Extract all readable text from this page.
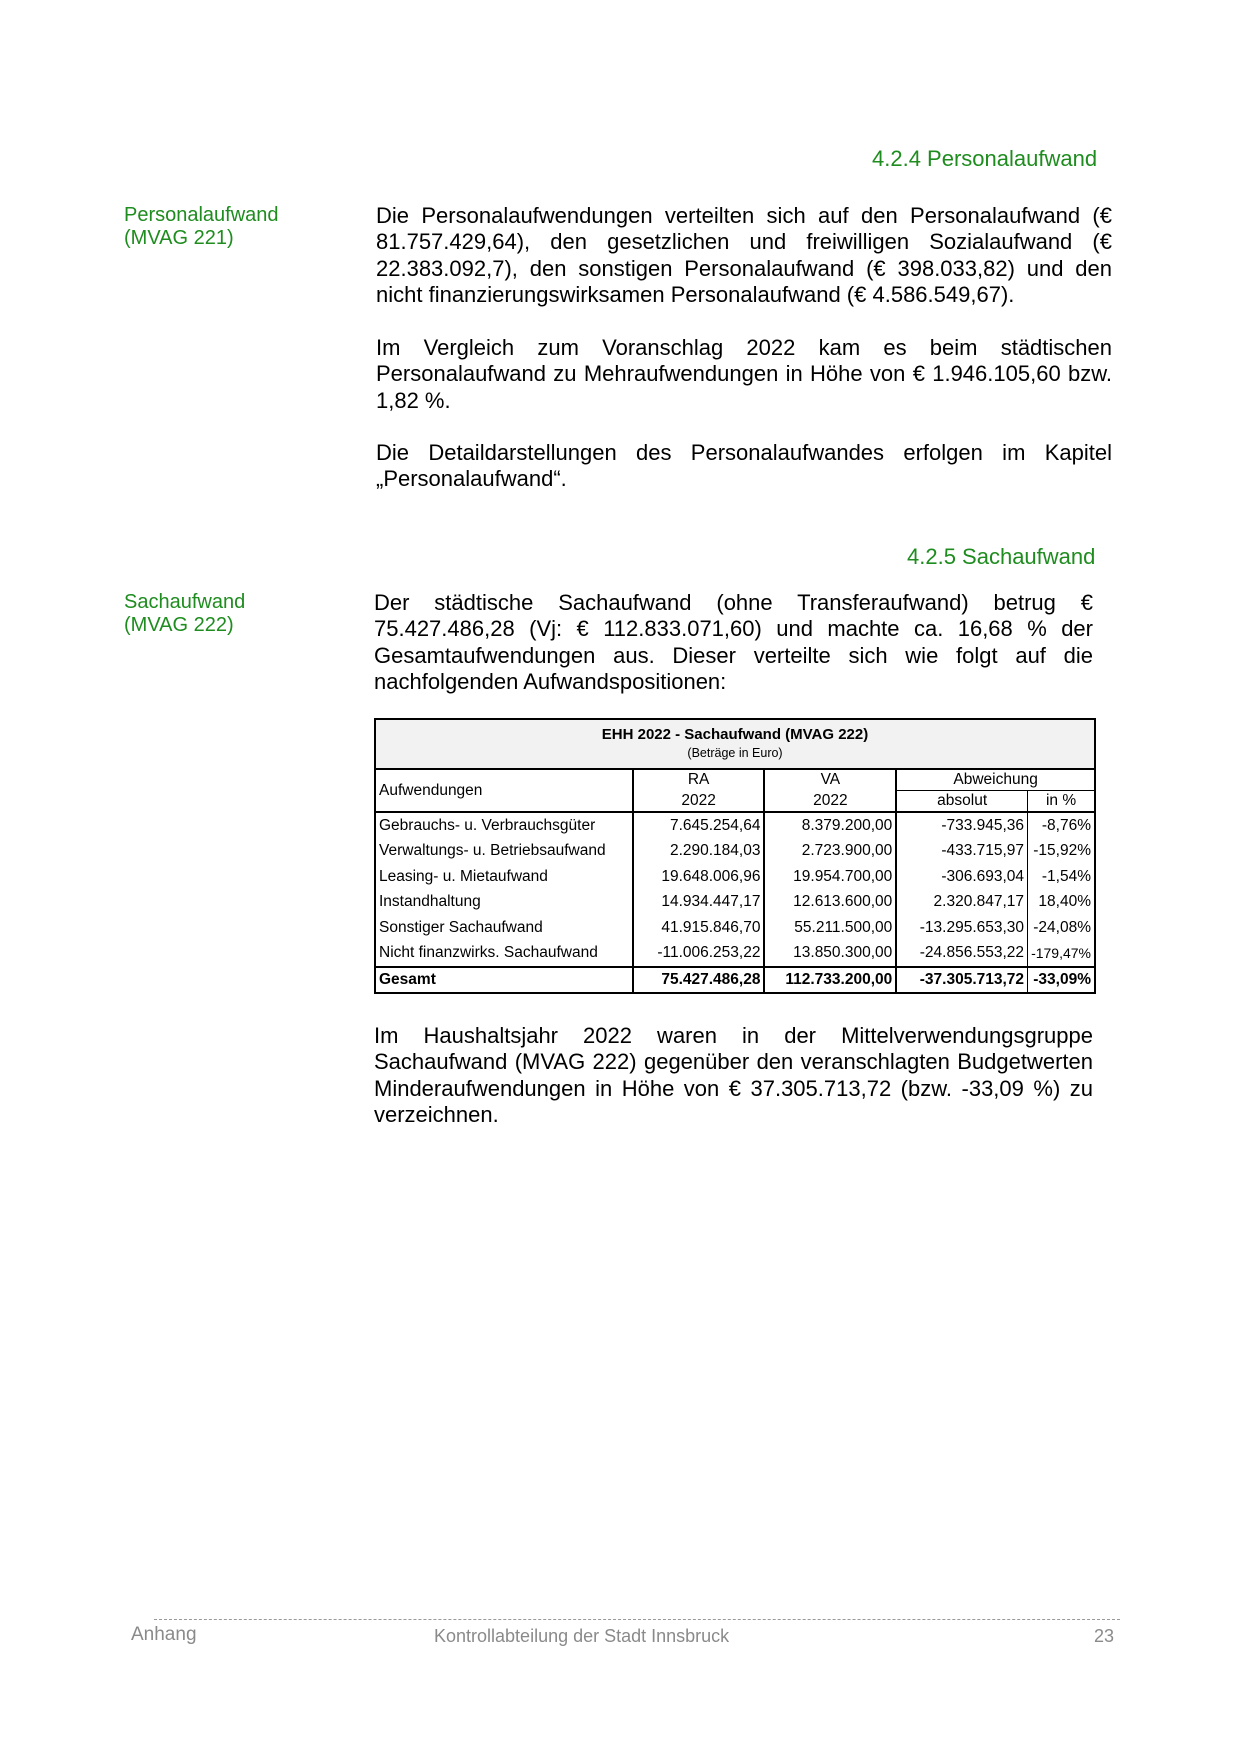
4.2.4 Personalaufwand
Personalaufwand
(MVAG 221)

Die Personalaufwendungen verteilten sich auf den Personalaufwand (€ 81.757.429,64), den gesetzlichen und freiwilligen Sozialaufwand (€ 22.383.092,7), den sonstigen Personalaufwand (€ 398.033,82) und den nicht finanzierungswirksamen Personalaufwand (€ 4.586.549,67).

Im Vergleich zum Voranschlag 2022 kam es beim städtischen Personalaufwand zu Mehraufwendungen in Höhe von € 1.946.105,60 bzw. 1,82 %.

Die Detaildarstellungen des Personalaufwandes erfolgen im Kapitel „Personalaufwand“.

4.2.5 Sachaufwand
Sachaufwand
(MVAG 222)

Der städtische Sachaufwand (ohne Transferaufwand) betrug € 75.427.486,28 (Vj: € 112.833.071,60) und machte ca. 16,68 % der Gesamtaufwendungen aus. Dieser verteilte sich wie folgt auf die nachfolgenden Aufwandspositionen:

EHH 2022 - Sachaufwand (MVAG 222)
(Beträge in Euro)
Aufwendungen	RA	VA	Abweichung	
	2022	2022	absolut	in %
Gebrauchs- u. Verbrauchsgüter	7.645.254,64	8.379.200,00	-733.945,36	-8,76%
Verwaltungs- u. Betriebsaufwand	2.290.184,03	2.723.900,00	-433.715,97	-15,92%
Leasing- u. Mietaufwand	19.648.006,96	19.954.700,00	-306.693,04	-1,54%
Instandhaltung	14.934.447,17	12.613.600,00	2.320.847,17	18,40%
Sonstiger Sachaufwand	41.915.846,70	55.211.500,00	-13.295.653,30	-24,08%
Nicht finanzwirks. Sachaufwand	-11.006.253,22	13.850.300,00	-24.856.553,22	-179,47%
Gesamt	75.427.486,28	112.733.200,00	-37.305.713,72	-33,09%

Im Haushaltsjahr 2022 waren in der Mittelverwendungsgruppe Sachaufwand (MVAG 222) gegenüber den veranschlagten Budgetwerten Minderaufwendungen in Höhe von € 37.305.713,72 (bzw. -33,09 %) zu verzeichnen.

Anhang	Kontrollabteilung der Stadt Innsbruck	23
